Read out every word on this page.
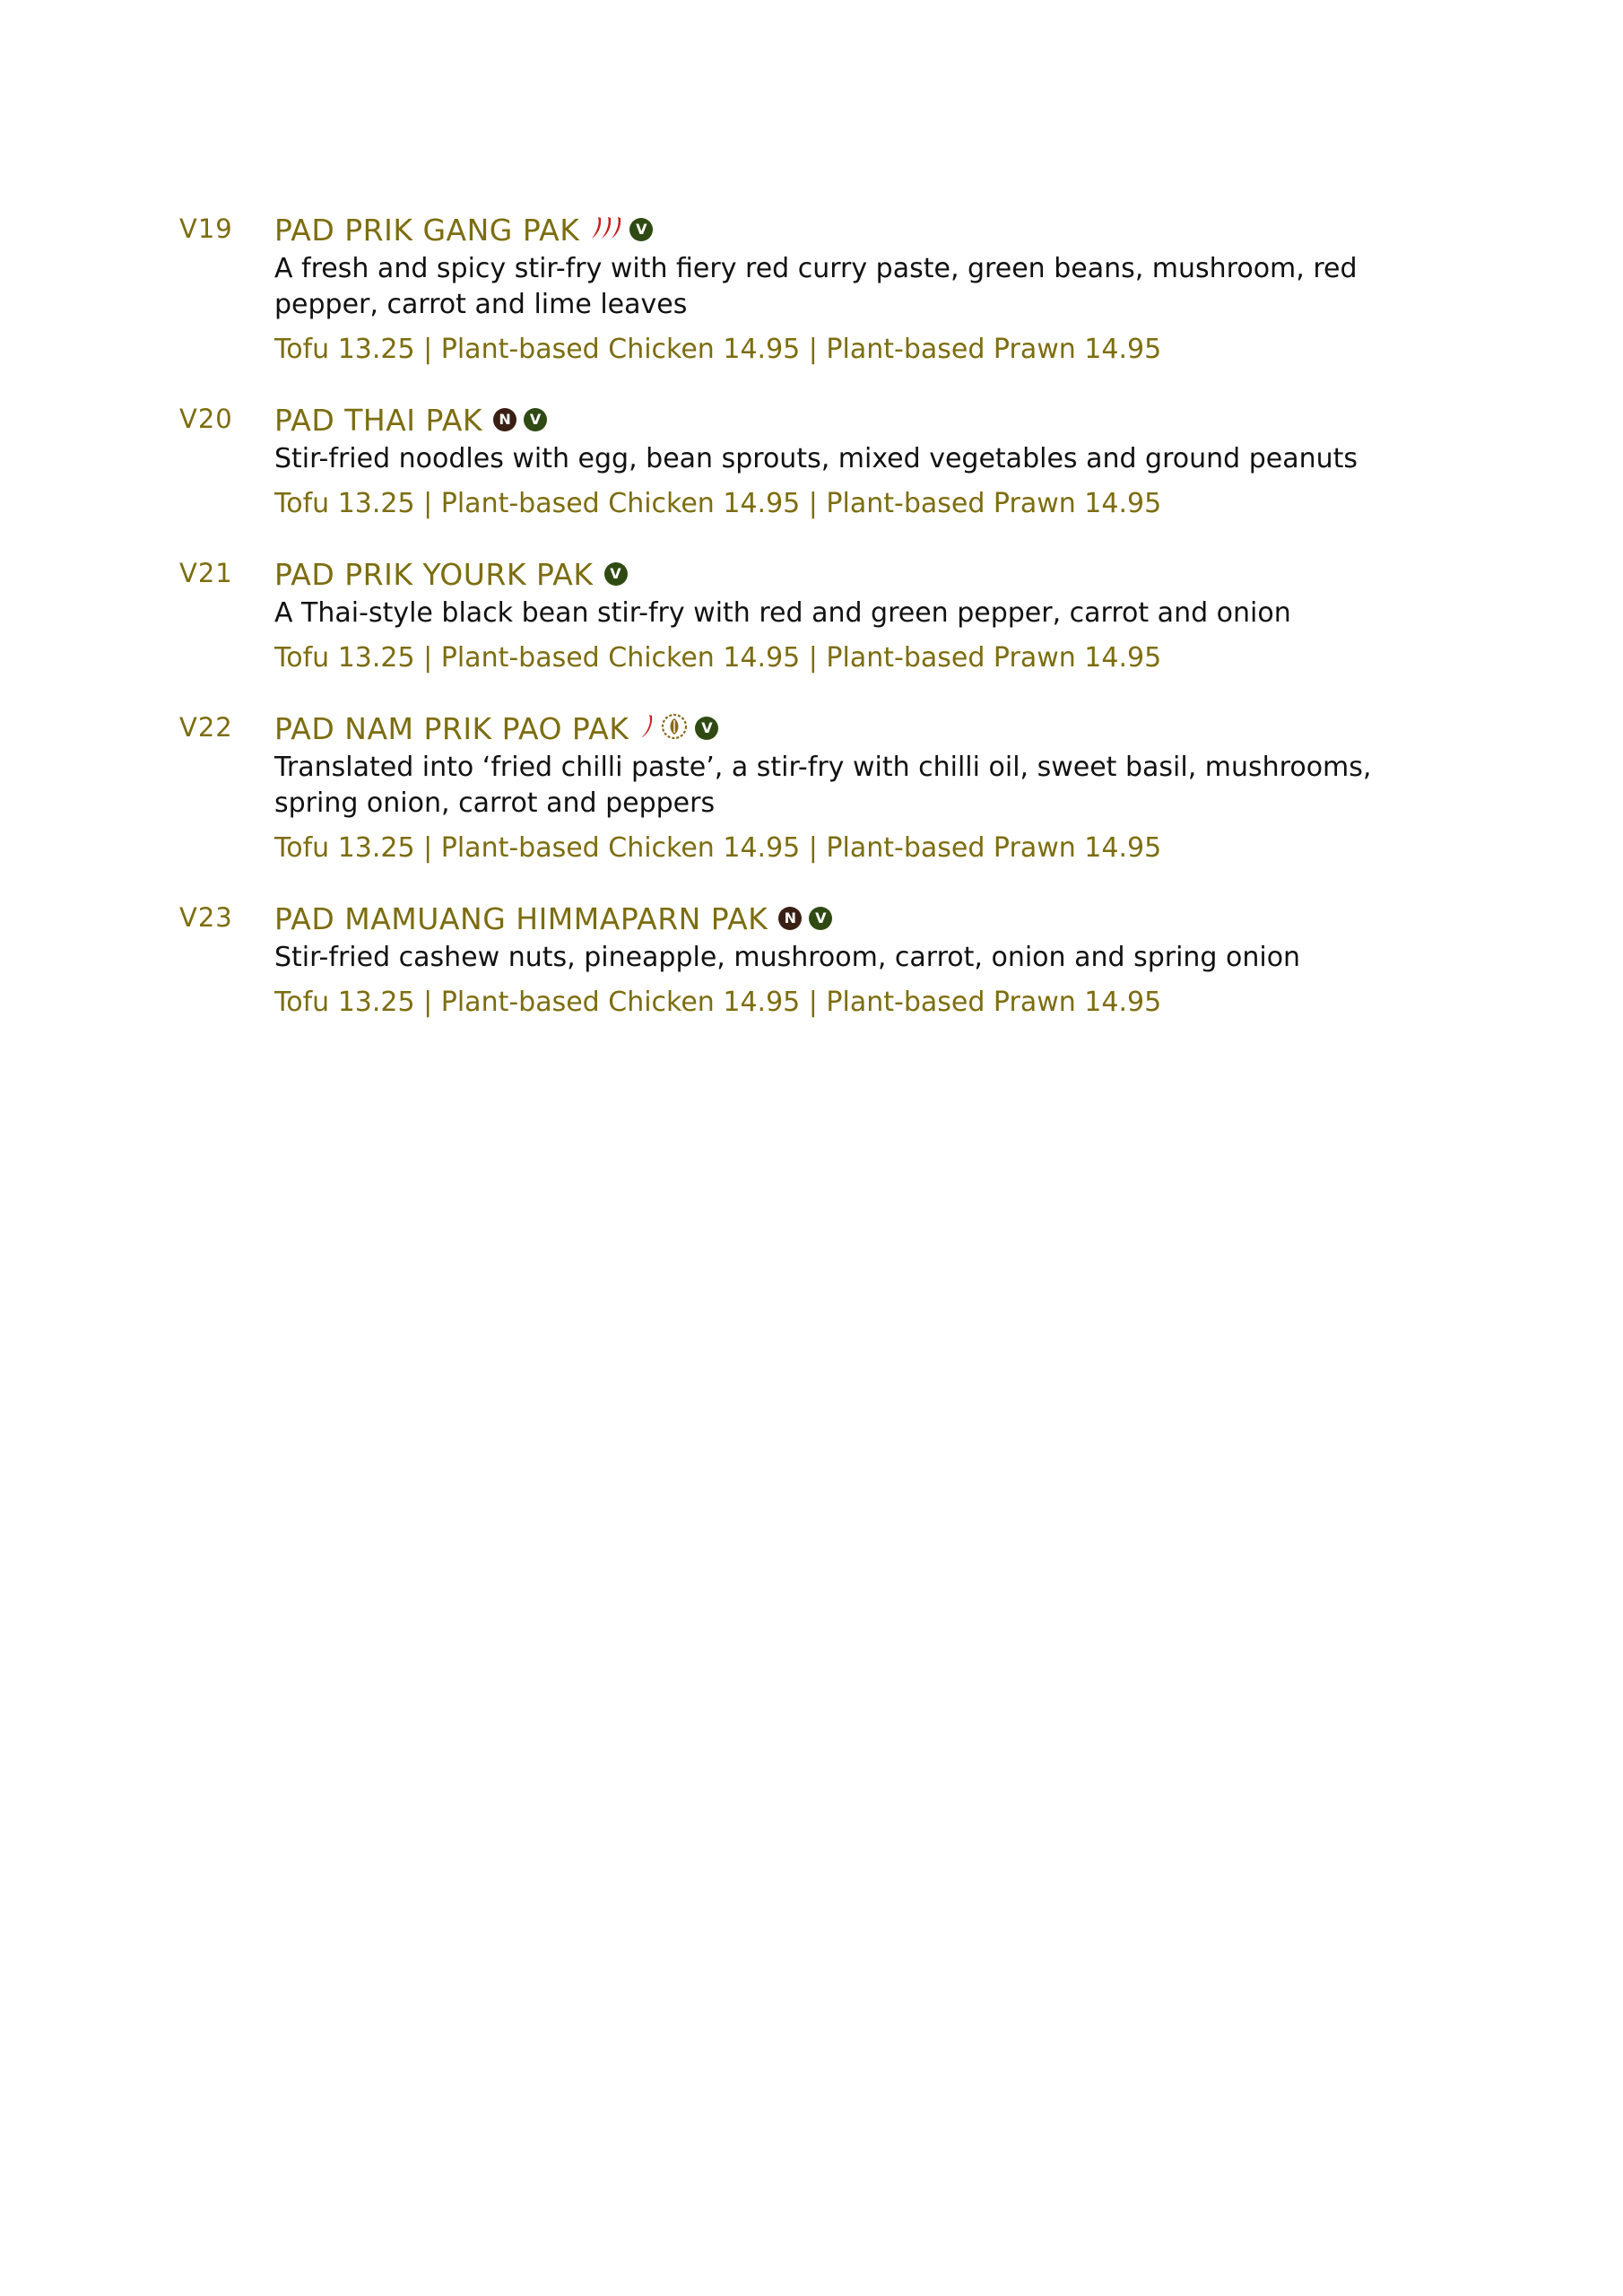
V19 PAD PRIK GANG PAK	V
A fresh and spicy stir-fry with fiery red curry paste, green beans, mushroom, red pepper, carrot and lime leaves
Tofu 13.25 | Plant-based Chicken 14.95 | Plant-based Prawn 14.95
V20 PAD THAI PAK	N	V
Stir-fried noodles with egg, bean sprouts, mixed vegetables and ground peanuts
Tofu 13.25 | Plant-based Chicken 14.95 | Plant-based Prawn 14.95
V21 PAD PRIK YOURK PAK	V
A Thai-style black bean stir-fry with red and green pepper, carrot and onion
Tofu 13.25 | Plant-based Chicken 14.95 | Plant-based Prawn 14.95
V22 PAD NAM PRIK PAO PAK	V
Translated into ‘fried chilli paste’, a stir-fry with chilli oil, sweet basil, mushrooms, spring onion, carrot and peppers
Tofu 13.25 | Plant-based Chicken 14.95 | Plant-based Prawn 14.95
V23 PAD MAMUANG HIMMAPARN PAK	N	V
Stir-fried cashew nuts, pineapple, mushroom, carrot, onion and spring onion
Tofu 13.25 | Plant-based Chicken 14.95 | Plant-based Prawn 14.95
